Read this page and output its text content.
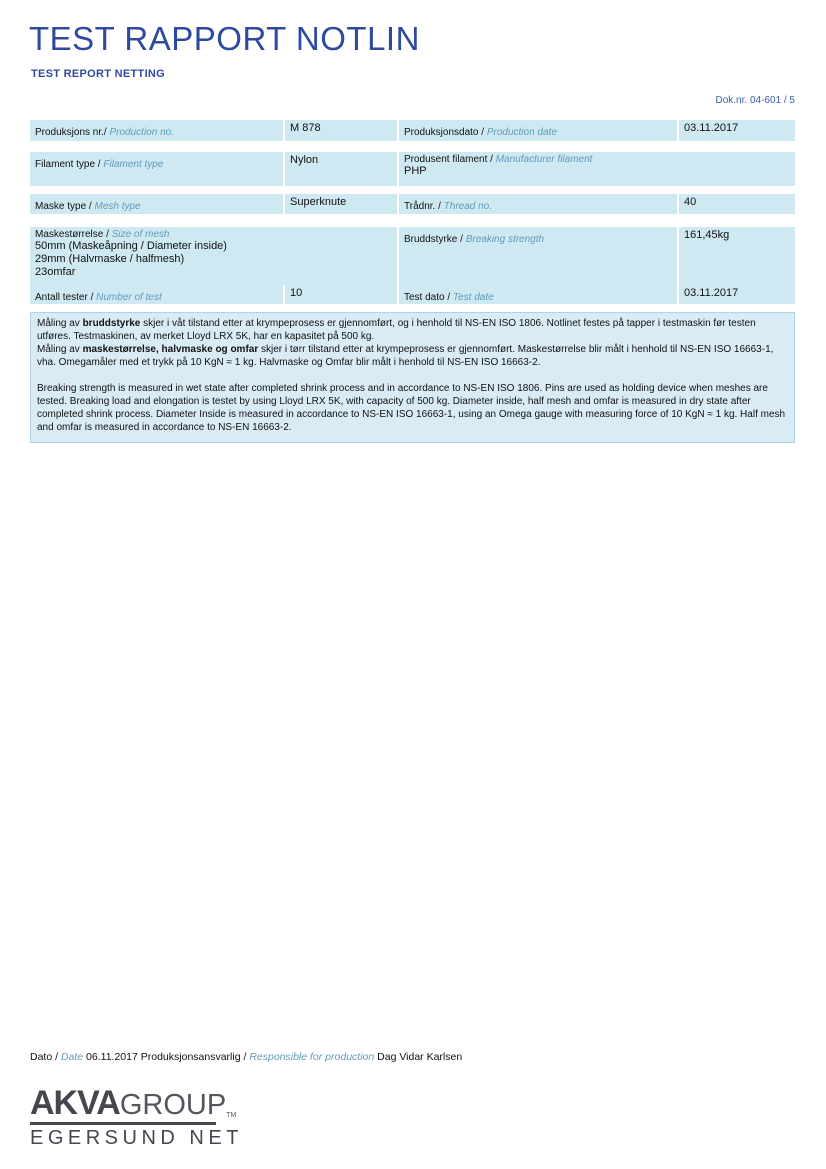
TEST RAPPORT NOTLIN
TEST REPORT NETTING
Dok.nr. 04-601 / 5
Produksjons nr./ Production no.	M 878	Produksjonsdato / Production date	03.11.2017
Filament type / Filament type	Nylon	Produsent filament / Manufacturer filament
PHP
Maske type / Mesh type	Superknute	Trådnr. / Thread no.	40
Maskestørrelse / Size of mesh
50mm (Maskeåpning / Diameter inside)
29mm (Halvmaske / halfmesh)
23omfar
Bruddstyrke / Breaking strength	161,45kg
Antall tester / Number of test	10	Test dato / Test date	03.11.2017

Måling av bruddstyrke skjer i våt tilstand etter at krympeprosess er gjennomført, og i henhold til NS-EN ISO 1806. Notlinet festes på tapper i testmaskin før testen utføres. Testmaskinen, av merket Lloyd LRX 5K, har en kapasitet på 500 kg.
Måling av maskestørrelse, halvmaske og omfar skjer i tørr tilstand etter at krympeprosess er gjennomført. Maskestørrelse blir målt i henhold til NS-EN ISO 16663-1, vha. Omegamåler med et trykk på 10 KgN ≈ 1 kg. Halvmaske og Omfar blir målt i henhold til NS-EN ISO 16663-2.

Breaking strength is measured in wet state after completed shrink process and in accordance to NS-EN ISO 1806. Pins are used as holding device when meshes are tested. Breaking load and elongation is testet by using Lloyd LRX 5K, with capacity of 500 kg. Diameter inside, half mesh and omfar is measured in dry state after completed shrink process. Diameter Inside is measured in accordance to NS-EN ISO 16663-1, using an Omega gauge with measuring force of 10 KgN ≈ 1 kg. Half mesh and omfar is measured in accordance to NS-EN 16663-2.

Dato / Date 06.11.2017 Produksjonsansvarlig / Responsible for production Dag Vidar Karlsen
AKVA GROUP TM
EGERSUND NET
